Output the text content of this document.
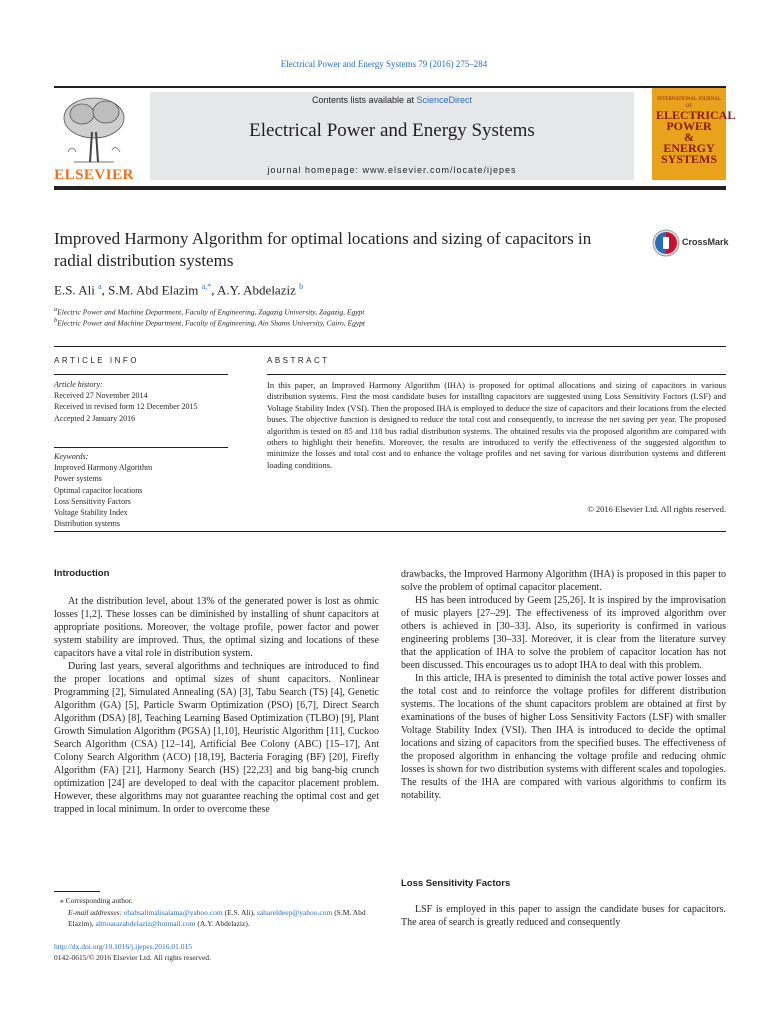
Electrical Power and Energy Systems 79 (2016) 275–284
ELSEVIER
Contents lists available at ScienceDirect
Electrical Power and Energy Systems
journal homepage: www.elsevier.com/locate/ijepes
INTERNATIONAL JOURNAL OF
ELECTRICAL
POWER
&
ENERGY
SYSTEMS
Improved Harmony Algorithm for optimal locations and sizing of capacitors in radial distribution systems
CrossMark
E.S. Ali $^a$, S.M. Abd Elazim $^{a,*}$, A.Y. Abdelaziz $^b$
$^a$Electric Power and Machine Department, Faculty of Engineering, Zagazig University, Zagazig, Egypt
$^b$Electric Power and Machine Department, Faculty of Engineering, Ain Shams University, Cairo, Egypt
ARTICLE INFO	ABSTRACT
Article history:
Received 27 November 2014
Received in revised form 12 December 2015
Accepted 2 January 2016
Keywords:
Improved Harmony Algorithm
Power systems
Optimal capacitor locations
Loss Sensitivity Factors
Voltage Stability Index
Distribution systems
In this paper, an Improved Harmony Algorithm (IHA) is proposed for optimal allocations and sizing of capacitors in various distribution systems. First the most candidate buses for installing capacitors are suggested using Loss Sensitivity Factors (LSF) and Voltage Stability Index (VSI). Then the proposed IHA is employed to deduce the size of capacitors and their locations from the elected buses. The objective function is designed to reduce the total cost and consequently, to increase the net saving per year. The proposed algorithm is tested on 85 and 118 bus radial distribution systems. The obtained results via the proposed algorithm are compared with others to highlight their benefits. Moreover, the results are introduced to verify the effectiveness of the suggested algorithm to minimize the losses and total cost and to enhance the voltage profiles and net saving for various distribution systems and different loading conditions.
© 2016 Elsevier Ltd. All rights reserved.
Introduction

At the distribution level, about 13% of the generated power is lost as ohmic losses [1,2]. These losses can be diminished by installing of shunt capacitors at appropriate positions. Moreover, the voltage profile, power factor and power system stability are improved. Thus, the optimal sizing and locations of these capacitors have a vital role in distribution system.

During last years, several algorithms and techniques are introduced to find the proper locations and optimal sizes of shunt capacitors. Nonlinear Programming [2], Simulated Annealing (SA) [3], Tabu Search (TS) [4], Genetic Algorithm (GA) [5], Particle Swarm Optimization (PSO) [6,7], Direct Search Algorithm (DSA) [8], Teaching Learning Based Optimization (TLBO) [9], Plant Growth Simulation Algorithm (PGSA) [1,10], Heuristic Algorithm [11], Cuckoo Search Algorithm (CSA) [12–14], Artificial Bee Colony (ABC) [15–17], Ant Colony Search Algorithm (ACO) [18,19], Bacteria Foraging (BF) [20], Firefly Algorithm (FA) [21], Harmony Search (HS) [22,23] and big bang-big crunch optimization [24] are developed to deal with the capacitor placement problem. However, these algorithms may not guarantee reaching the optimal cost and get trapped in local minimum. In order to overcome these

drawbacks, the Improved Harmony Algorithm (IHA) is proposed in this paper to solve the problem of optimal capacitor placement.

HS has been introduced by Geem [25,26]. It is inspired by the improvisation of music players [27–29]. The effectiveness of its improved algorithm over others is achieved in [30–33]. Also, its superiority is confirmed in various engineering problems [30–33]. Moreover, it is clear from the literature survey that the application of IHA to solve the problem of capacitor location has not been discussed. This encourages us to adopt IHA to deal with this problem.

In this article, IHA is presented to diminish the total active power losses and the total cost and to reinforce the voltage profiles for different distribution systems. The locations of the shunt capacitors problem are obtained at first by examinations of the buses of higher Loss Sensitivity Factors (LSF) with smaller Voltage Stability Index (VSI). Then IHA is introduced to decide the optimal locations and sizing of capacitors from the specified buses. The effectiveness of the proposed algorithm in enhancing the voltage profile and reducing ohmic losses is shown for two distribution systems with different scales and topologies. The results of the IHA are compared with various algorithms to confirm its notability.

Loss Sensitivity Factors

LSF is employed in this paper to assign the candidate buses for capacitors. The area of search is greatly reduced and consequently

⁎ Corresponding author.
E-mail addresses: ehabsalimalisalama@yahoo.com (E.S. Ali), sahareldeep@yahoo.com (S.M. Abd Elazim), almoatazabdelaziz@hotmail.com (A.Y. Abdelaziz).
http://dx.doi.org/10.1016/j.ijepes.2016.01.015
0142-0615/© 2016 Elsevier Ltd. All rights reserved.
